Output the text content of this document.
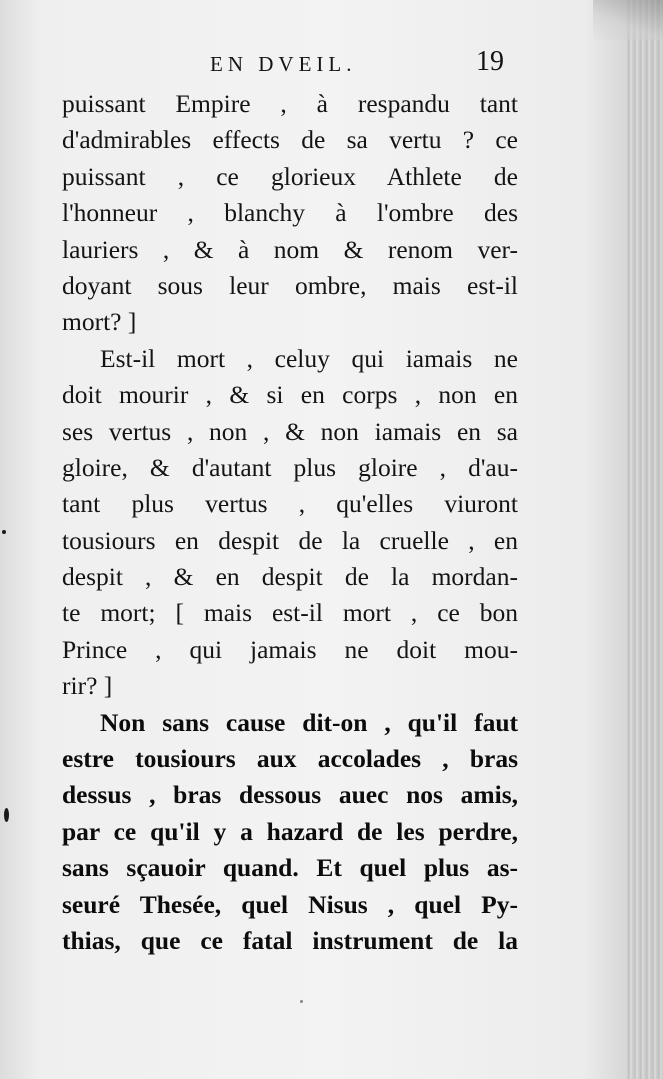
EN DVEIL.	19
puissant Empire , à respandu tant
d'admirables effects de sa vertu ? ce
puissant , ce glorieux Athlete de
l'honneur , blanchy à l'ombre des
lauriers , & à nom & renom ver-
doyant sous leur ombre, mais est-il
mort? ]
Est-il mort , celuy qui iamais ne
doit mourir , & si en corps , non en
ses vertus , non , & non iamais en sa
gloire, & d'autant plus gloire , d'au-
tant plus vertus , qu'elles viuront
tousiours en despit de la cruelle , en
despit , & en despit de la mordan-
te mort; [ mais est-il mort , ce bon
Prince , qui jamais ne doit mou-
rir? ]
Non sans cause dit-on , qu'il faut
estre tousiours aux accolades , bras
dessus , bras dessous auec nos amis,
par ce qu'il y a hazard de les perdre,
sans sçauoir quand. Et quel plus as-
seuré Thesée, quel Nisus , quel Py-
thias, que ce fatal instrument de la
